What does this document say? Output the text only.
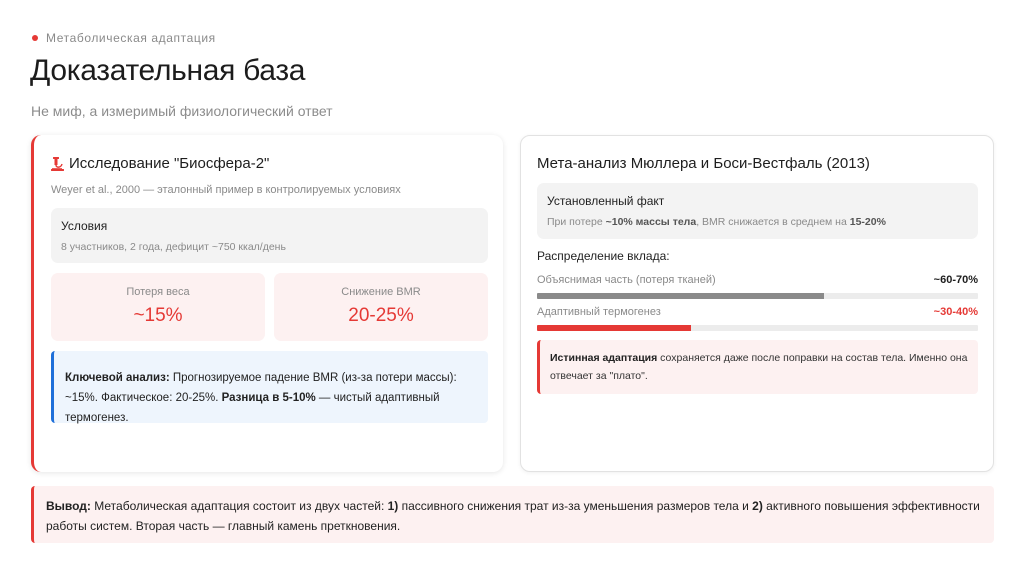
Метаболическая адаптация
Доказательная база
Не миф, а измеримый физиологический ответ
Исследование "Биосфера-2"
Weyer et al., 2000 — эталонный пример в контролируемых условиях
Условия
8 участников, 2 года, дефицит ~750 ккал/день
Потеря веса
~15%
Снижение BMR
20-25%
Ключевой анализ: Прогнозируемое падение BMR (из-за потери массы): ~15%. Фактическое: 20-25%. Разница в 5-10% — чистый адаптивный термогенез.
Мета-анализ Мюллера и Боси-Вестфаль (2013)
Установленный факт
При потере ~10% массы тела, BMR снижается в среднем на 15-20%
Распределение вклада:
Объяснимая часть (потеря тканей)	~60-70%
Адаптивный термогенез	~30-40%
Истинная адаптация сохраняется даже после поправки на состав тела. Именно она отвечает за "плато".
Вывод: Метаболическая адаптация состоит из двух частей: 1) пассивного снижения трат из-за уменьшения размеров тела и 2) активного повышения эффективности работы систем. Вторая часть — главный камень преткновения.
